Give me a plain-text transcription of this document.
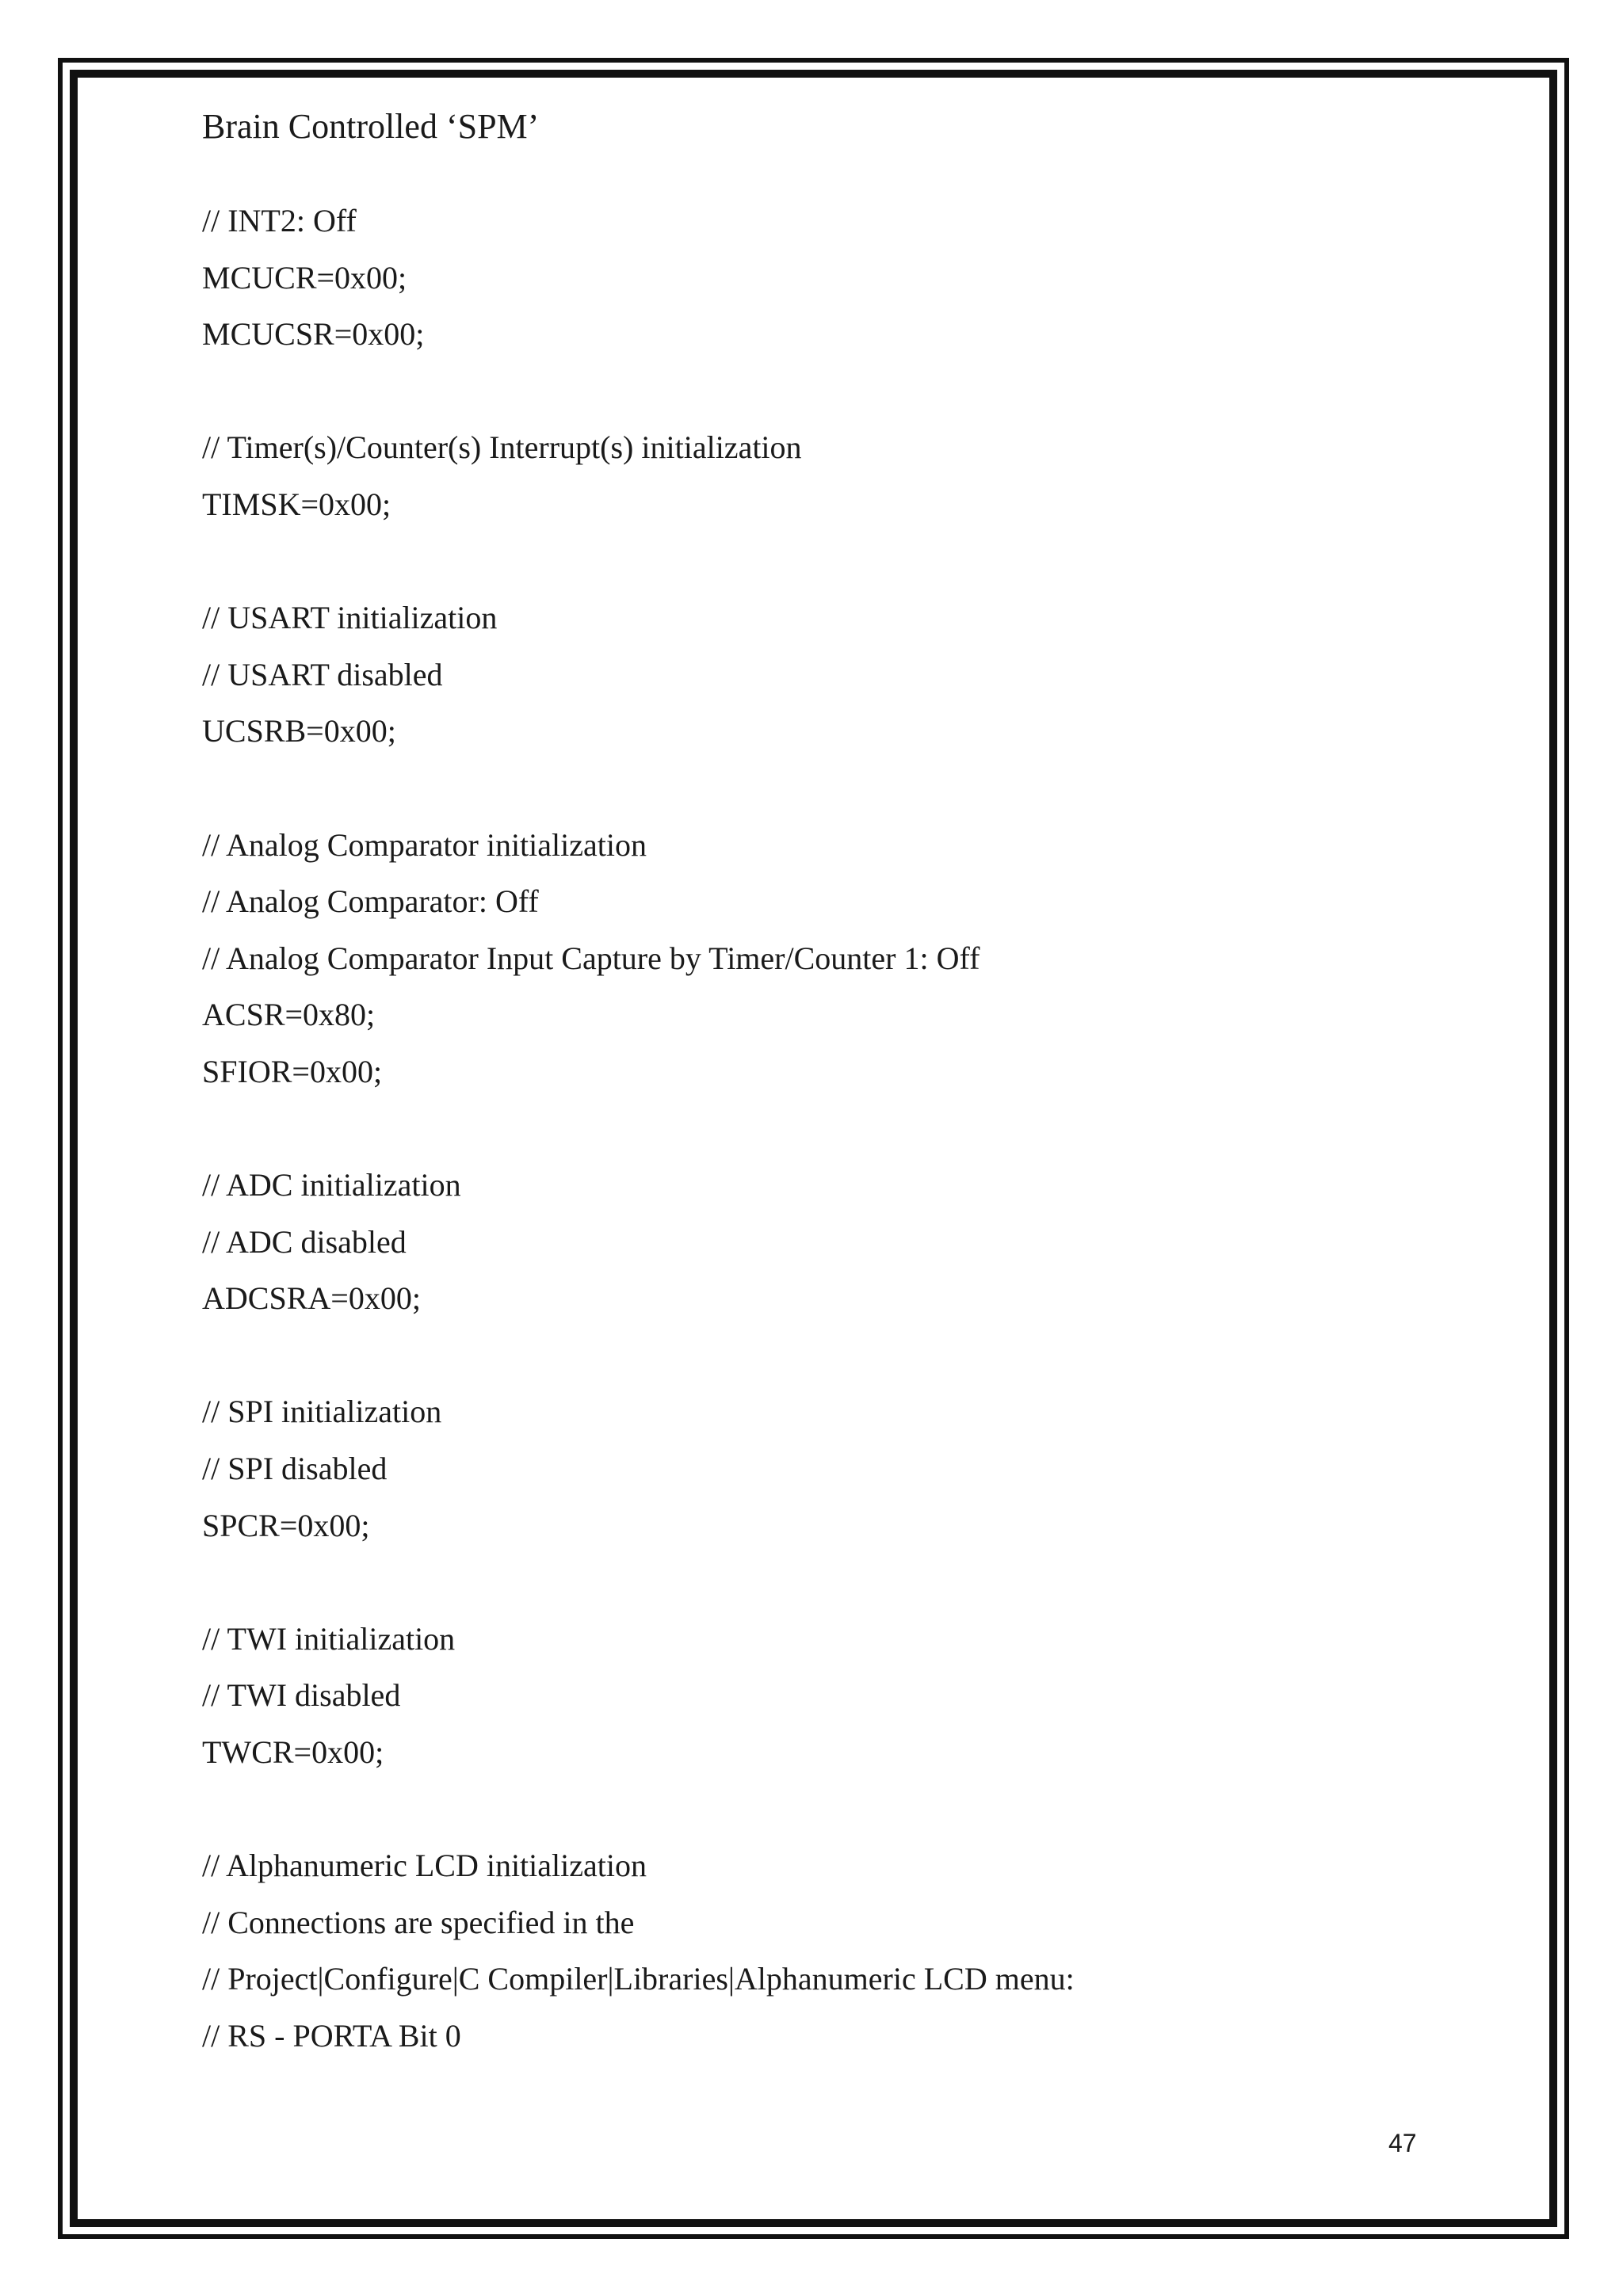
Brain Controlled ‘SPM’
// INT2: Off
MCUCR=0x00;
MCUCSR=0x00;
// Timer(s)/Counter(s) Interrupt(s) initialization
TIMSK=0x00;
// USART initialization
// USART disabled
UCSRB=0x00;
// Analog Comparator initialization
// Analog Comparator: Off
// Analog Comparator Input Capture by Timer/Counter 1: Off
ACSR=0x80;
SFIOR=0x00;
// ADC initialization
// ADC disabled
ADCSRA=0x00;
// SPI initialization
// SPI disabled
SPCR=0x00;
// TWI initialization
// TWI disabled
TWCR=0x00;
// Alphanumeric LCD initialization
// Connections are specified in the
// Project|Configure|C Compiler|Libraries|Alphanumeric LCD menu:
// RS - PORTA Bit 0
47
